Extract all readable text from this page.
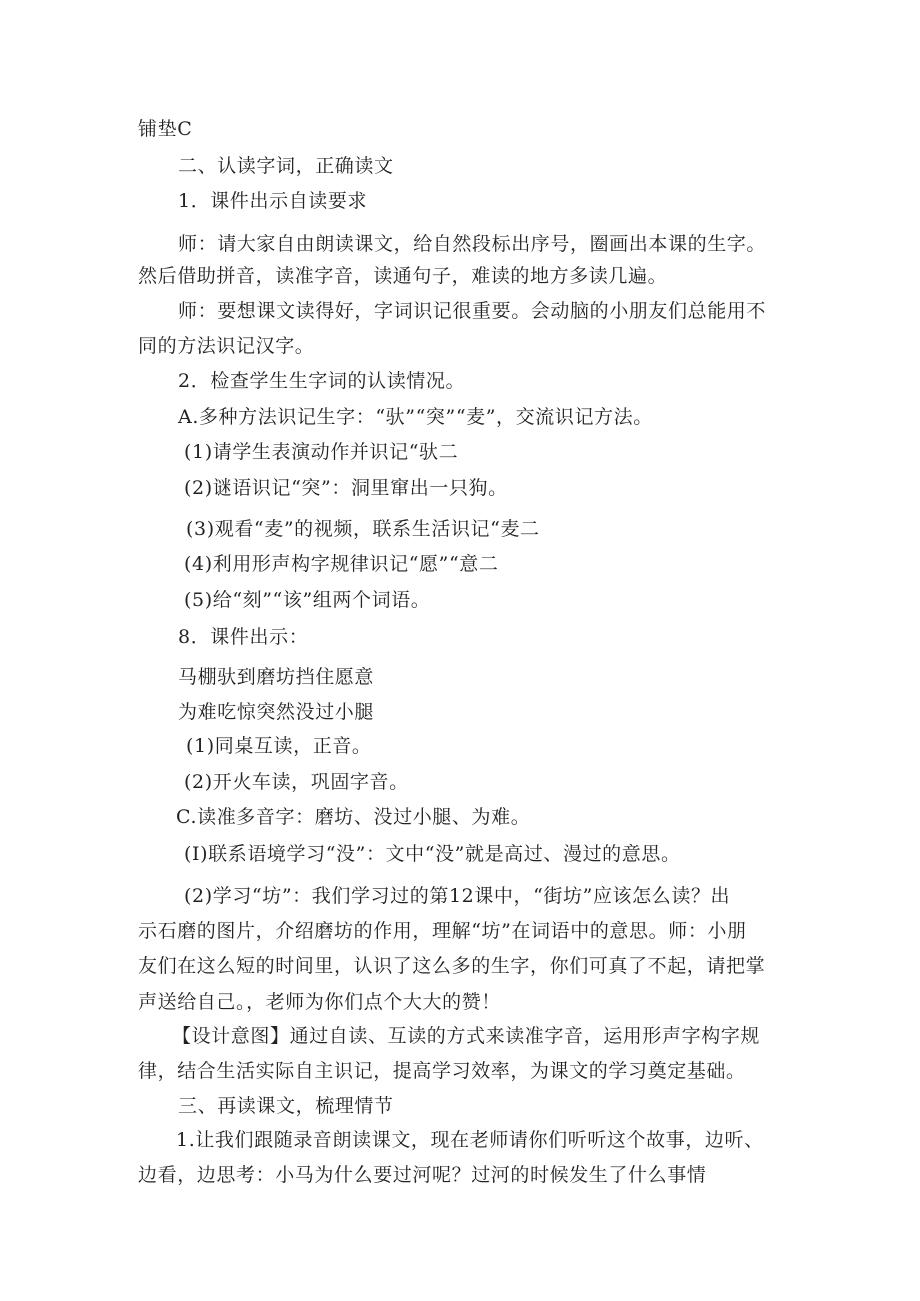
铺垫C
二、认读字词，正确读文
1．课件出示自读要求
师：请大家自由朗读课文，给自然段标出序号，圈画出本课的生字。
然后借助拼音，读准字音，读通句子，难读的地方多读几遍。
师：要想课文读得好，字词识记很重要。会动脑的小朋友们总能用不
同的方法识记汉字。
2．检查学生生字词的认读情况。
A.多种方法识记生字：“驮”“突”“麦”，交流识记方法。
(1)请学生表演动作并识记“驮二
(2)谜语识记“突”：洞里窜出一只狗。
(3)观看“麦”的视频，联系生活识记“麦二
(4)利用形声构字规律识记“愿”“意二
(5)给“刻”“该”组两个词语。
8．课件出示：
马棚驮到磨坊挡住愿意
为难吃惊突然没过小腿
(1)同桌互读，正音。
(2)开火车读，巩固字音。
C.读准多音字：磨坊、没过小腿、为难。
(I)联系语境学习“没”：文中“没”就是高过、漫过的意思。
(2)学习“坊”：我们学习过的第12课中，“街坊”应该怎么读？出
示石磨的图片，介绍磨坊的作用，理解“坊”在词语中的意思。师：小朋
友们在这么短的时间里，认识了这么多的生字，你们可真了不起，请把掌
声送给自己。，老师为你们点个大大的赞！
【设计意图】通过自读、互读的方式来读准字音，运用形声字构字规
律，结合生活实际自主识记，提高学习效率，为课文的学习奠定基础。
三、再读课文，梳理情节
1.让我们跟随录音朗读课文，现在老师请你们听听这个故事，边听、
边看，边思考：小马为什么要过河呢？过河的时候发生了什么事情
